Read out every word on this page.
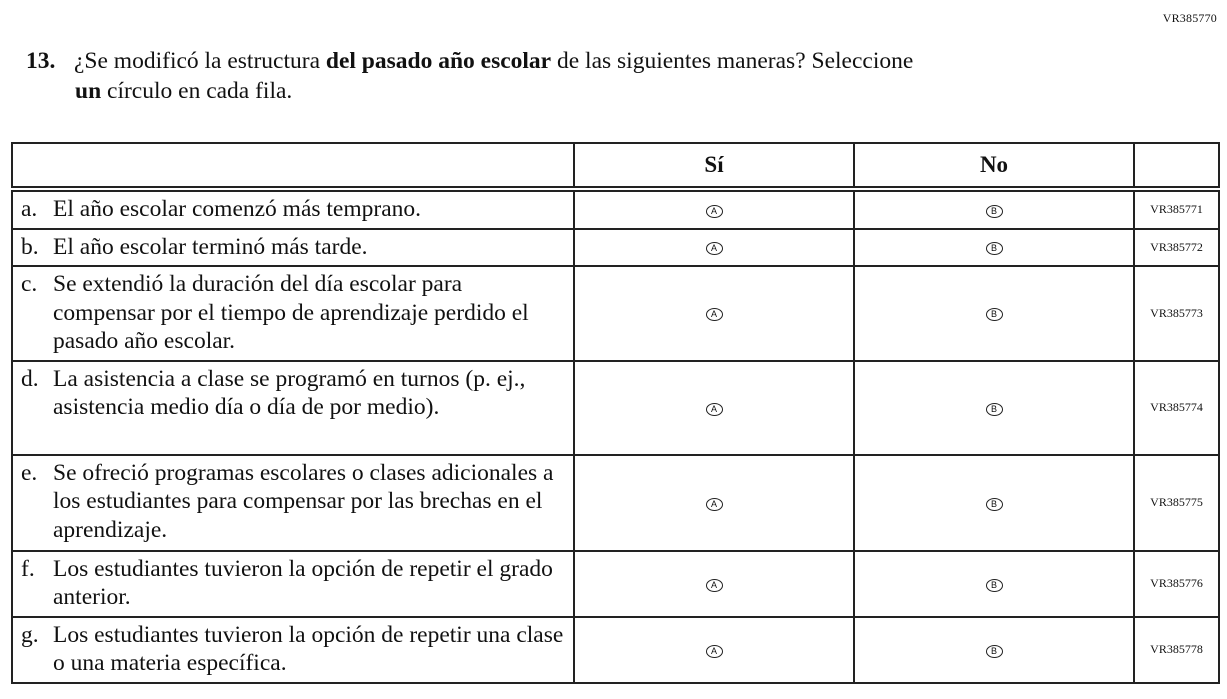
VR385770
13. ¿Se modificó la estructura del pasado año escolar de las siguientes maneras? Seleccione
un círculo en cada fila.
	Sí	No	

a. El año escolar comenzó más temprano.	A	B	VR385771

b. El año escolar terminó más tarde.	A	B	VR385772

c. Se extendió la duración del día escolar para compensar por el tiempo de aprendizaje perdido el pasado año escolar.	A	B	VR385773

d. La asistencia a clase se programó en turnos (p. ej., asistencia medio día o día de por medio).	A	B	VR385774

e. Se ofreció programas escolares o clases adicionales a los estudiantes para compensar por las brechas en el aprendizaje.	A	B	VR385775

f. Los estudiantes tuvieron la opción de repetir el grado anterior.	A	B	VR385776

g. Los estudiantes tuvieron la opción de repetir una clase o una materia específica.	A	B	VR385778
